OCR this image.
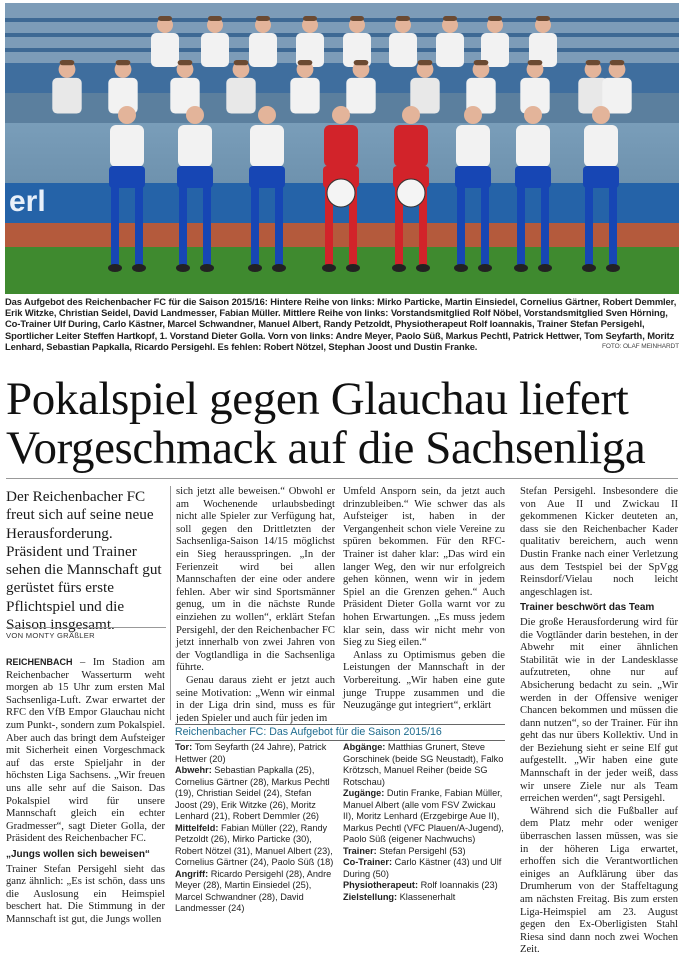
erl
Das Aufgebot des Reichenbacher FC für die Saison 2015/16: Hintere Reihe von links: Mirko Particke, Martin Einsiedel, Cornelius Gärtner, Robert Demmler, Erik Witzke, Christian Seidel, David Landmesser, Fabian Müller. Mittlere Reihe von links: Vorstandsmitglied Rolf Nöbel, Vorstandsmitglied Sven Hörning, Co-Trainer Ulf During, Carlo Kästner, Marcel Schwandner, Manuel Albert, Randy Petzoldt, Physiotherapeut Rolf Ioannakis, Trainer Stefan Persigehl, Sportlicher Leiter Steffen Hartkopf, 1. Vorstand Dieter Golla. Vorn von links: Andre Meyer, Paolo Süß, Markus Pechtl, Patrick Hettwer, Tom Seyfarth, Moritz Lenhard, Sebastian Papkalla, Ricardo Persigehl. Es fehlen: Robert Nötzel, Stephan Joost und Dustin Franke.	FOTO: OLAF MEINHARDT
Pokalspiel gegen Glauchau liefert Vorgeschmack auf die Sachsenliga
Der Reichenbacher FC freut sich auf seine neue Herausforderung. Präsident und Trainer sehen die Mannschaft gut gerüstet fürs erste Pflichtspiel und die Saison insgesamt.
VON MONTY GRÄßLER

REICHENBACH – Im Stadion am Reichenbacher Wasserturm weht morgen ab 15 Uhr zum ersten Mal Sachsenliga-Luft. Zwar erwartet der RFC den VfB Empor Glauchau nicht zum Punkt-, sondern zum Pokalspiel. Aber auch das bringt dem Aufsteiger mit Sicherheit einen Vorgeschmack auf das erste Spieljahr in der höchsten Liga Sachsens. „Wir freuen uns alle sehr auf die Saison. Das Pokalspiel wird für unsere Mannschaft gleich ein echter Gradmesser“, sagt Dieter Golla, der Präsident des Reichenbacher FC.

„Jungs wollen sich beweisen“

Trainer Stefan Persigehl sieht das ganz ähnlich: „Es ist schön, dass uns die Auslosung ein Heimspiel beschert hat. Die Stimmung in der Mannschaft ist gut, die Jungs wollen

sich jetzt alle beweisen.“ Obwohl er am Wochenende urlaubsbedingt nicht alle Spieler zur Verfügung hat, soll gegen den Drittletzten der Sachsenliga-Saison 14/15 möglichst ein Sieg herausspringen. „In der Ferienzeit wird bei allen Mannschaften der eine oder andere fehlen. Aber wir sind Sportsmänner genug, um in die nächste Runde einziehen zu wollen“, erklärt Stefan Persigehl, der den Reichenbacher FC jetzt innerhalb von zwei Jahren von der Vogtlandliga in die Sachsenliga führte.

Genau daraus zieht er jetzt auch seine Motivation: „Wenn wir einmal in der Liga drin sind, muss es für jeden Spieler und auch für jeden im

Umfeld Ansporn sein, da jetzt auch drinzubleiben.“ Wie schwer das als Aufsteiger ist, haben in der Vergangenheit schon viele Vereine zu spüren bekommen. Für den RFC-Trainer ist daher klar: „Das wird ein langer Weg, den wir nur erfolgreich gehen können, wenn wir in jedem Spiel an die Grenzen gehen.“ Auch Präsident Dieter Golla warnt vor zu hohen Erwartungen. „Es muss jedem klar sein, dass wir nicht mehr von Sieg zu Sieg eilen.“

Anlass zu Optimismus geben die Leistungen der Mannschaft in der Vorbereitung. „Wir haben eine gute junge Truppe zusammen und die Neuzugänge gut integriert“, erklärt

Stefan Persigehl. Insbesondere die von Aue II und Zwickau II gekommenen Kicker deuteten an, dass sie den Reichenbacher Kader qualitativ bereichern, auch wenn Dustin Franke nach einer Verletzung aus dem Testspiel bei der SpVgg Reinsdorf/Vielau noch leicht angeschlagen ist.

Trainer beschwört das Team

Die große Herausforderung wird für die Vogtländer darin bestehen, in der Abwehr mit einer ähnlichen Stabilität wie in der Landesklasse aufzutreten, ohne nur auf Absicherung bedacht zu sein. „Wir werden in der Offensive weniger Chancen bekommen und müssen die dann nutzen“, so der Trainer. Für ihn geht das nur übers Kollektiv. Und in der Beziehung sieht er seine Elf gut aufgestellt. „Wir haben eine gute Mannschaft in der jeder weiß, dass wir unsere Ziele nur als Team erreichen werden“, sagt Persigehl.

Während sich die Fußballer auf dem Platz mehr oder weniger überraschen lassen müssen, was sie in der höheren Liga erwartet, erhoffen sich die Verantwortlichen einiges an Aufklärung über das Drumherum von der Staffeltagung am nächsten Freitag. Bis zum ersten Liga-Heimspiel am 23. August gegen den Ex-Oberligisten Stahl Riesa sind dann noch zwei Wochen Zeit.

Reichenbacher FC: Das Aufgebot für die Saison 2015/16
Tor: Tom Seyfarth (24 Jahre), Patrick Hettwer (20)
Abwehr: Sebastian Papkalla (25), Cornelius Gärtner (28), Markus Pechtl (19), Christian Seidel (24), Stefan Joost (29), Erik Witzke (26), Moritz Lenhard (21), Robert Demmler (26)
Mittelfeld: Fabian Müller (22), Randy Petzoldt (26), Mirko Particke (30), Robert Nötzel (31), Manuel Albert (23), Cornelius Gärtner (24), Paolo Süß (18)
Angriff: Ricardo Persigehl (28), Andre Meyer (28), Martin Einsiedel (25), Marcel Schwandner (28), David Landmesser (24)
Abgänge: Matthias Grunert, Steve Gorschinek (beide SG Neustadt), Falko Krötzsch, Manuel Reiher (beide SG Rotschau)
Zugänge: Dutin Franke, Fabian Müller, Manuel Albert (alle vom FSV Zwickau II), Moritz Lenhard (Erzgebirge Aue II), Markus Pechtl (VFC Plauen/A-Jugend), Paolo Süß (eigener Nachwuchs)
Trainer: Stefan Persigehl (53)
Co-Trainer: Carlo Kästner (43) und Ulf During (50)
Physiotherapeut: Rolf Ioannakis (23)
Zielstellung: Klassenerhalt
